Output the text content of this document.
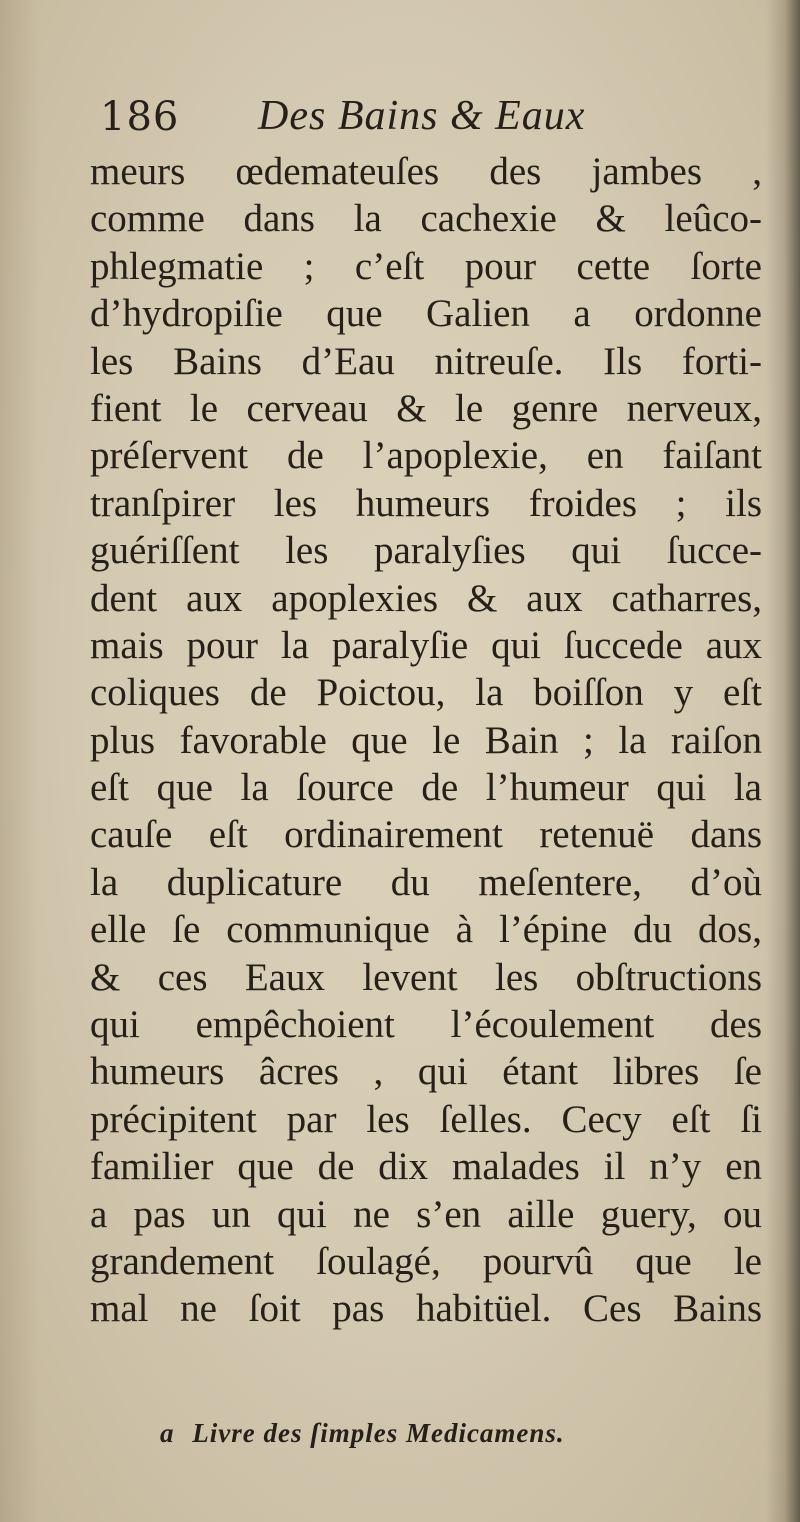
186 Des Bains & Eaux
meurs œdemateuſes des jambes ,
comme dans la cachexie & leûco-
phlegmatie ; c’eſt pour cette ſorte
d’hydropiſie que Galien a ordonne
les Bains d’Eau nitreuſe. Ils forti-
fient le cerveau & le genre nerveux,
préſervent de l’apoplexie, en faiſant
tranſpirer les humeurs froides ; ils
guériſſent les paralyſies qui ſucce-
dent aux apoplexies & aux catharres,
mais pour la paralyſie qui ſuccede aux
coliques de Poictou, la boiſſon y eſt
plus favorable que le Bain ; la raiſon
eſt que la ſource de l’humeur qui la
cauſe eſt ordinairement retenuë dans
la duplicature du meſentere, d’où
elle ſe communique à l’épine du dos,
& ces Eaux levent les obſtructions
qui empêchoient l’écoulement des
humeurs âcres , qui étant libres ſe
précipitent par les ſelles. Cecy eſt ſi
familier que de dix malades il n’y en
a pas un qui ne s’en aille guery, ou
grandement ſoulagé, pourvû que le
mal ne ſoit pas habitüel. Ces Bains
a Livre des ſimples Medicamens.
